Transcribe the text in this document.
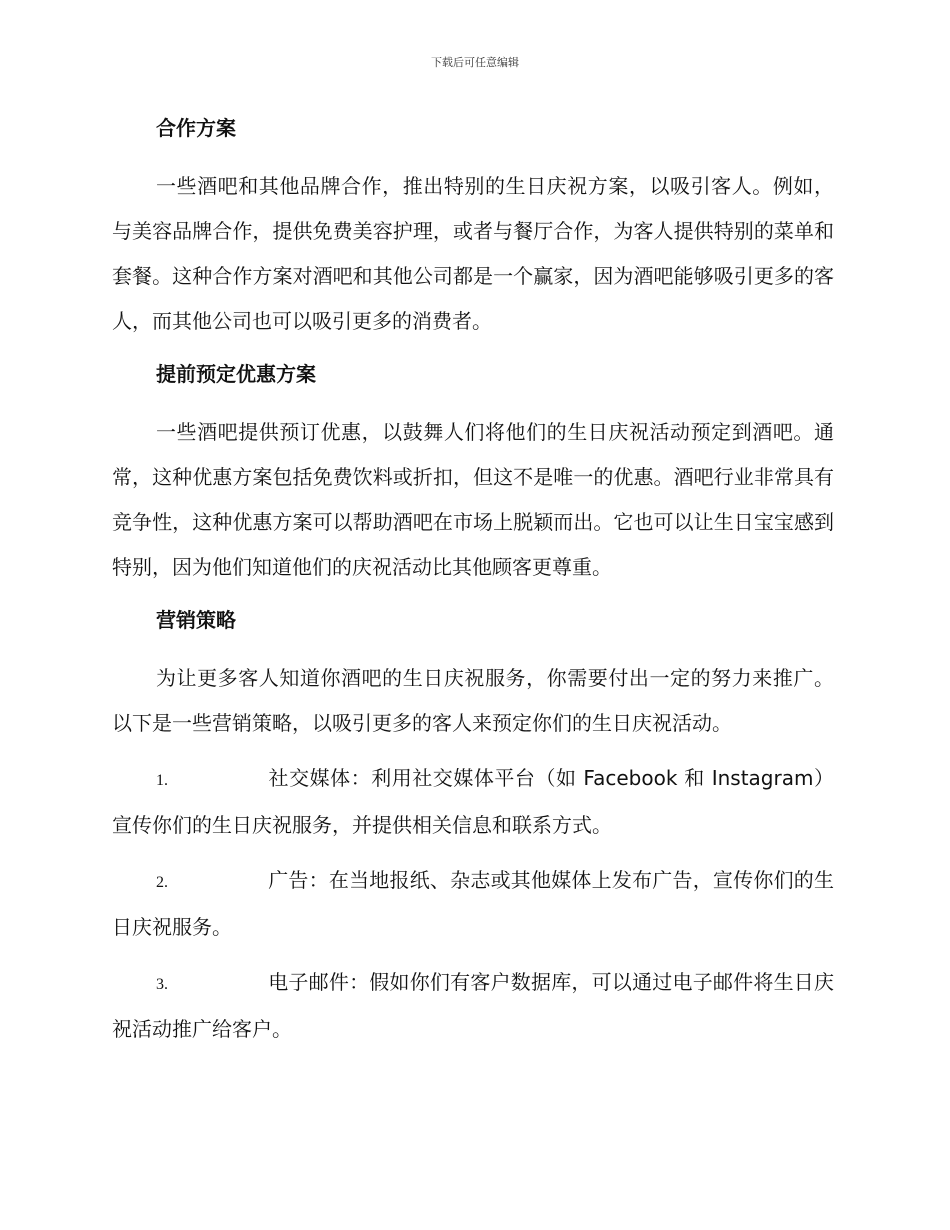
下载后可任意编辑
合作方案

一些酒吧和其他品牌合作，推出特别的生日庆祝方案，以吸引客人。例如，与美容品牌合作，提供免费美容护理，或者与餐厅合作，为客人提供特别的菜单和套餐。这种合作方案对酒吧和其他公司都是一个赢家，因为酒吧能够吸引更多的客人，而其他公司也可以吸引更多的消费者。

提前预定优惠方案

一些酒吧提供预订优惠，以鼓舞人们将他们的生日庆祝活动预定到酒吧。通常，这种优惠方案包括免费饮料或折扣，但这不是唯一的优惠。酒吧行业非常具有竞争性，这种优惠方案可以帮助酒吧在市场上脱颖而出。它也可以让生日宝宝感到特别，因为他们知道他们的庆祝活动比其他顾客更尊重。

营销策略

为让更多客人知道你酒吧的生日庆祝服务，你需要付出一定的努力来推广。以下是一些营销策略，以吸引更多的客人来预定你们的生日庆祝活动。

1.	社交媒体：利用社交媒体平台（如 Facebook 和 Instagram）宣传你们的生日庆祝服务，并提供相关信息和联系方式。

2.	广告：在当地报纸、杂志或其他媒体上发布广告，宣传你们的生日庆祝服务。

3.	电子邮件：假如你们有客户数据库，可以通过电子邮件将生日庆祝活动推广给客户。
